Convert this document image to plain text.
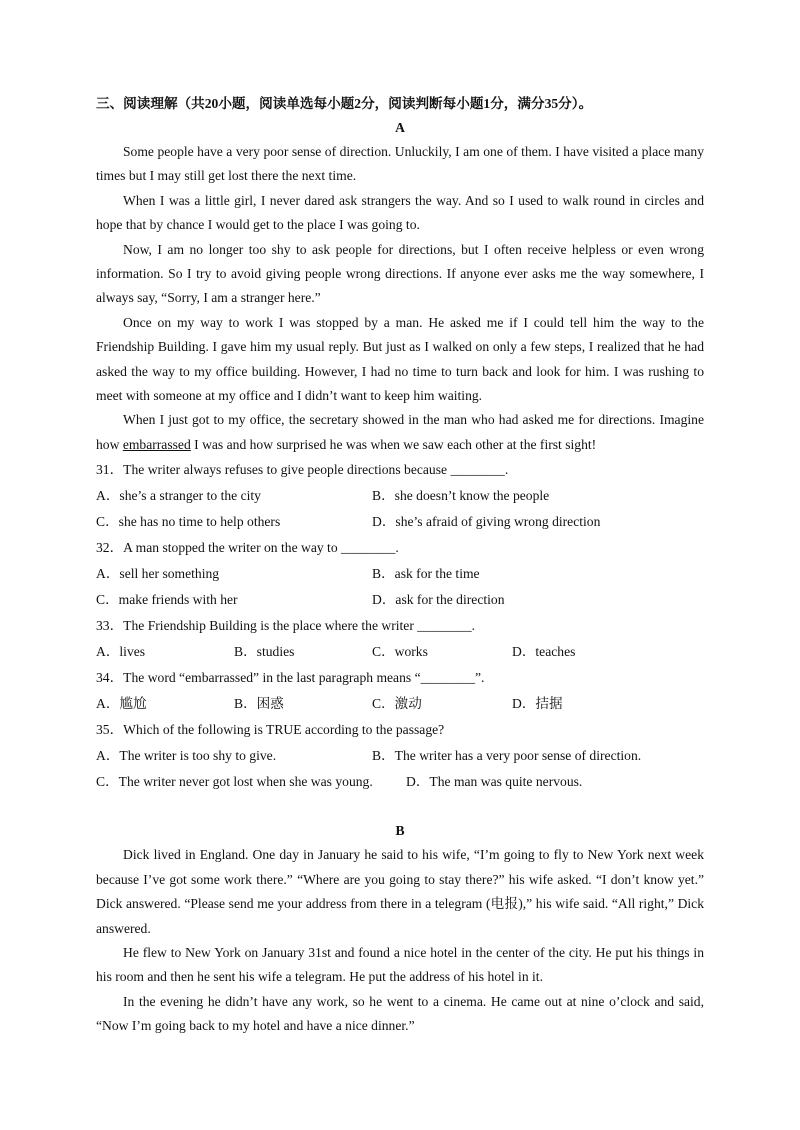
三、阅读理解（共20小题，阅读单选每小题2分，阅读判断每小题1分，满分35分）。
A

Some people have a very poor sense of direction. Unluckily, I am one of them. I have visited a place many times but I may still get lost there the next time.

When I was a little girl, I never dared ask strangers the way. And so I used to walk round in circles and hope that by chance I would get to the place I was going to.

Now, I am no longer too shy to ask people for directions, but I often receive helpless or even wrong information. So I try to avoid giving people wrong directions. If anyone ever asks me the way somewhere, I always say, “Sorry, I am a stranger here.”

Once on my way to work I was stopped by a man. He asked me if I could tell him the way to the Friendship Building. I gave him my usual reply. But just as I walked on only a few steps, I realized that he had asked the way to my office building. However, I had no time to turn back and look for him. I was rushing to meet with someone at my office and I didn’t want to keep him waiting.

When I just got to my office, the secretary showed in the man who had asked me for directions. Imagine how embarrassed I was and how surprised he was when we saw each other at the first sight!

31．The writer always refuses to give people directions because ________.
A．she’s a stranger to the city	B．she doesn’t know the people
C．she has no time to help others	D．she’s afraid of giving wrong direction
32．A man stopped the writer on the way to ________.
A．sell her something	B．ask for the time
C．make friends with her	D．ask for the direction
33．The Friendship Building is the place where the writer ________.
A．lives	B．studies	C．works	D．teaches
34．The word “embarrassed” in the last paragraph means “________”.
A．尴尬	B．困惑	C．激动	D．拮据
35．Which of the following is TRUE according to the passage?
A．The writer is too shy to give.	B．The writer has a very poor sense of direction.
C．The writer never got lost when she was young. D．The man was quite nervous.
B

Dick lived in England. One day in January he said to his wife, “I’m going to fly to New York next week because I’ve got some work there.” “Where are you going to stay there?” his wife asked. “I don’t know yet.” Dick answered. “Please send me your address from there in a telegram (电报),” his wife said. “All right,” Dick answered.

He flew to New York on January 31st and found a nice hotel in the center of the city. He put his things in his room and then he sent his wife a telegram. He put the address of his hotel in it.

In the evening he didn’t have any work, so he went to a cinema. He came out at nine o’clock and said, “Now I’m going back to my hotel and have a nice dinner.”
